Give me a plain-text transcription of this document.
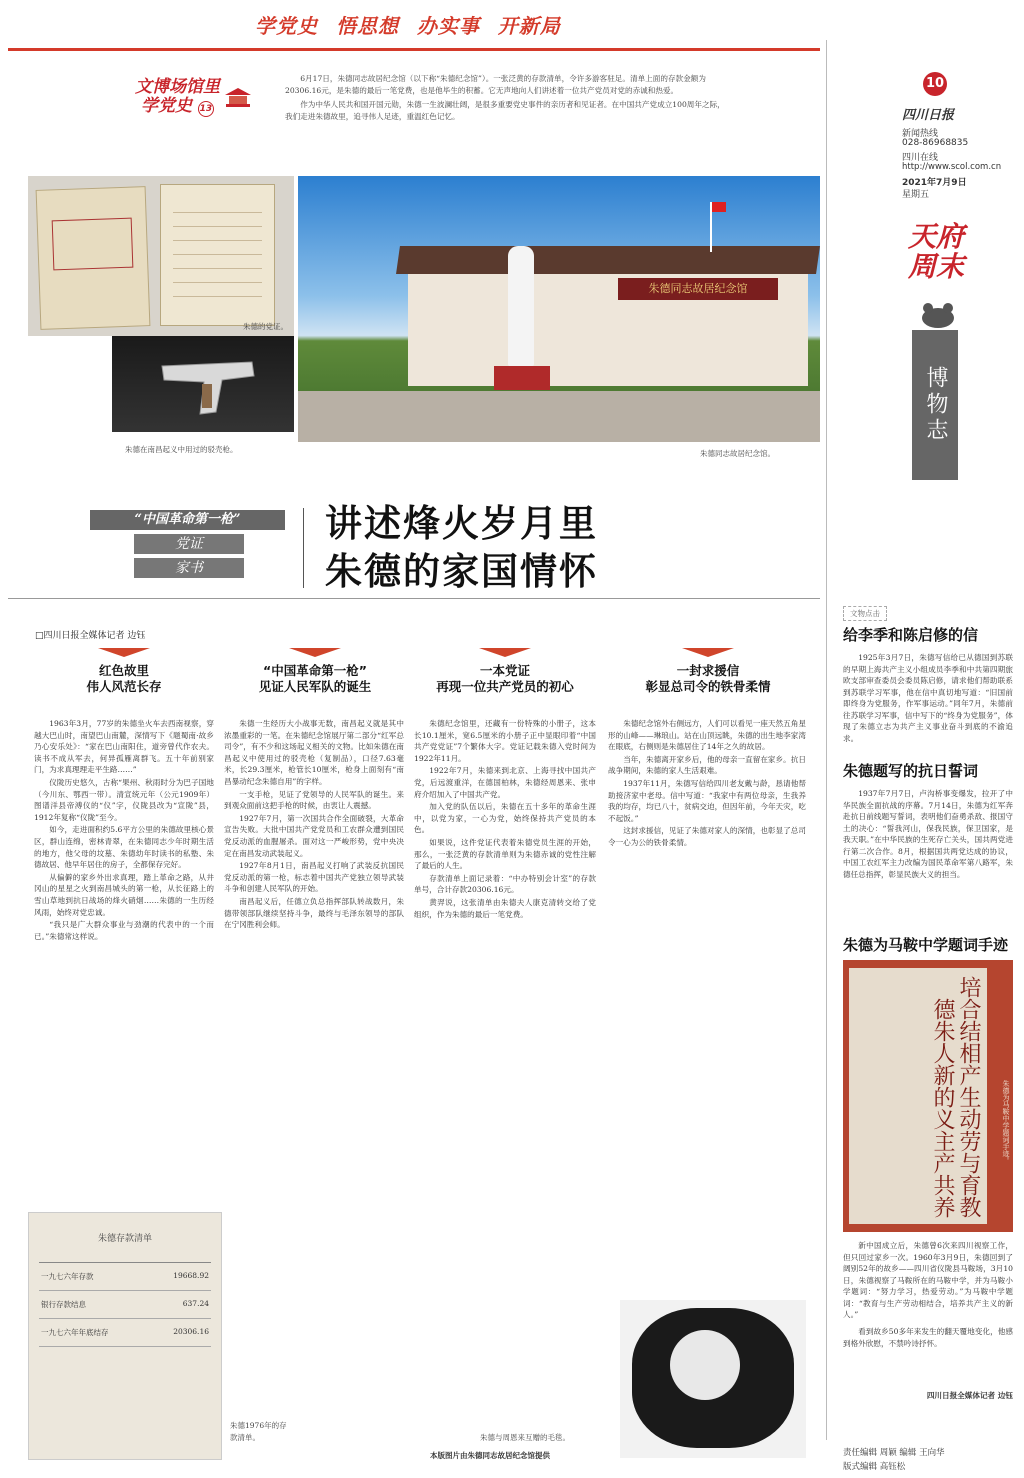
学党史 悟思想 办实事 开新局
文博场馆里
学党史 13

6月17日，朱德同志故居纪念馆（以下称“朱德纪念馆”）。一张泛黄的存款清单，令许多游客驻足。清单上面的存款金额为20306.16元，是朱德的最后一笔党费，也是他毕生的积蓄。它无声地向人们讲述着一位共产党员对党的赤诚和热爱。

作为中华人民共和国开国元勋，朱德一生波澜壮阔，是很多重要党史事件的亲历者和见证者。在中国共产党成立100周年之际，我们走进朱德故里，追寻伟人足迹，重温红色记忆。

朱德的党证。
朱德在南昌起义中用过的驳壳枪。
朱德同志故居纪念馆
朱德同志故居纪念馆。
“中国革命第一枪”
党证
家书
讲述烽火岁月里
朱德的家国情怀
□四川日报全媒体记者 边钰
红色故里
伟人风范长存
“中国革命第一枪”
见证人民军队的诞生
一本党证
再现一位共产党员的初心
一封求援信
彰显总司令的铁骨柔情

1963年3月，77岁的朱德坐火车去西南视察，穿越大巴山时，南望巴山南麓，深情写下《题蜀南·故乡乃心安乐处》：“家在巴山南阳住，道旁曾代作农夫。读书不成从军去，何异孤雁离群飞。五十年前别家门，为求真理理走平生路……”

仪陇历史悠久，古称“果州、秋雨时分为巴子国地（今川东、鄂西一带）。清宣统元年（公元1909年）图谱洋县帝溥仪的“仪”字，仪陇县改为“宣陇”县，1912年复称“仪陇”至今。

如今，走进面积约5.6平方公里的朱德故里核心景区，群山连绵，密林青翠，在朱德同志少年时期生活的地方，他父母的坟墓、朱德幼年时读书的私塾、朱德故居、他早年居住的房子，全都保存完好。

从偏僻的家乡外出求真理，踏上革命之路，从井冈山的星星之火到南昌城头的第一枪，从长征路上的雪山草地到抗日战场的烽火硝烟……朱德的一生历经风雨，始终对党忠诚。

“我只是广大群众事业与劲潮的代表中的一个而已。”朱德常这样说。

朱德一生经历大小战事无数，南昌起义就是其中浓墨重彩的一笔。在朱德纪念馆展厅第二部分“红军总司令”，有不少和这场起义相关的文物。比如朱德在南昌起义中使用过的驳壳枪（复制品），口径7.63毫米，长29.3厘米，枪管长10厘米，枪身上面刻有“南昌暴动纪念朱德自用”的字样。

一支手枪，见证了党领导的人民军队的诞生。来到观众面前这把手枪的时候，由衷让人震撼。

1927年7月，第一次国共合作全面破裂，大革命宣告失败。大批中国共产党党员和工农群众遭到国民党反动派的血腥屠杀。面对这一严峻形势，党中央决定在南昌发动武装起义。

1927年8月1日，南昌起义打响了武装反抗国民党反动派的第一枪，标志着中国共产党独立领导武装斗争和创建人民军队的开始。

南昌起义后，任德立负总指挥部队转战数月，朱德带领部队继续坚持斗争，最终与毛泽东领导的部队在宁冈胜利会师。

朱德纪念馆里，还藏有一份特殊的小册子，这本长10.1厘米，宽6.5厘米的小册子正中显眼印着“中国共产党党证”7个繁体大字。党证记载朱德入党时间为1922年11月。

1922年7月，朱德来到北京、上海寻找中国共产党，后远渡重洋，在德国柏林，朱德经周恩来、张申府介绍加入了中国共产党。

加入党的队伍以后，朱德在五十多年的革命生涯中，以党为家，一心为党，始终保持共产党员的本色。

如果说，这件党证代表着朱德党员生涯的开始，那么，一张泛黄的存款清单则为朱德赤诚的党性注解了最后的人生。

存款清单上面记录着：“中办特别会计室”的存款单号，合计存款20306.16元。

黄羿说，这张清单由朱德夫人康克清转交给了党组织，作为朱德的最后一笔党费。

朱德纪念馆外右侧远方，人们可以看见一座天然五角星形的山峰——琳琅山。站在山顶远眺，朱德的出生地李家湾在眼底，右侧则是朱德居住了14年之久的故居。

当年，朱德离开家乡后，他的母亲一直留在家乡。抗日战争期间，朱德的家人生活艰难。

1937年11月，朱德写信给四川老友戴与龄，恳请他帮助接济家中老母。信中写道：“我家中有两位母亲，生我养我的均存，均已八十，贫病交迫，但因年前，今年天灾，吃不起饭。”

这封求援信，见证了朱德对家人的深情，也彰显了总司令一心为公的铁骨柔情。

朱德存款清单
一九七六年存款	19668.92
银行存款结息	637.24
一九七六年年底结存	20306.16
朱德1976年的存款清单。	朱德与周恩来互赠的毛毯。
本版图片由朱德同志故居纪念馆提供
10
四川日报
新闻热线
028-86968835
四川在线
http://www.scol.com.cn
2021年7月9日
星期五
天府周末
博物志
文物点击
给李季和陈启修的信

1925年3月7日，朱德写信给已从德国到苏联的早期上海共产主义小组成员李季和中共第四期旅欧支部审查委员会委员陈启修，请求他们帮助联系到苏联学习军事，他在信中真切地写道：“旧国前即终身为党服务，作军事运动。”同年7月，朱德前往苏联学习军事，信中写下的“终身为党服务”，体现了朱德立志为共产主义事业奋斗到底的不渝追求。

朱德题写的抗日誓词

1937年7月7日，卢沟桥事变爆发，拉开了中华民族全面抗战的序幕。7月14日，朱德为红军奔赴抗日前线题写誓词，表明他们奋勇杀敌、报国守土的决心：“誓我河山，保我民族，保卫国家，是我天职。”在中华民族的生死存亡关头，国共两党进行第二次合作。8月，根据国共两党达成的协议，中国工农红军主力改编为国民革命军第八路军，朱德任总指挥，彰显民族大义的担当。

朱德为马鞍中学题词手迹
教
育
与
劳
动
生
产
相
结
合
培
养
共
产
主
义
的
新
人
朱
德
朱德为马鞍中学题词手迹。

新中国成立后，朱德曾6次来四川视察工作，但只回过家乡一次。1960年3月9日，朱德回到了阔别52年的故乡——四川省仪陇县马鞍场，3月10日，朱德视察了马鞍所在的马鞍中学，并为马鞍小学题词：“努力学习，热爱劳动。”为马鞍中学题词：“教育与生产劳动相结合，培养共产主义的新人。”

看到故乡50多年来发生的翻天覆地变化，他感到格外欣慰，不禁吟诗抒怀。

四川日报全媒体记者 边钰
责任编辑 周颖 编辑 王向华
版式编辑 高钰松
